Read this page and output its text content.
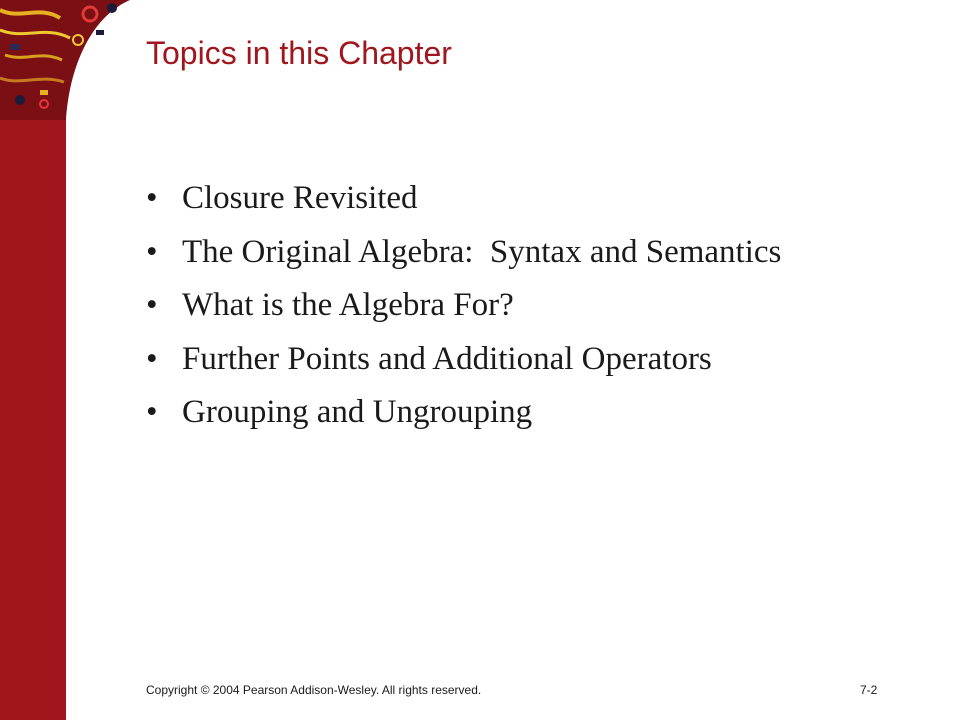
Topics in this Chapter
• Closure Revisited
• The Original Algebra:  Syntax and Semantics
• What is the Algebra For?
• Further Points and Additional Operators
• Grouping and Ungrouping
Copyright © 2004 Pearson Addison-Wesley. All rights reserved.	7-2
